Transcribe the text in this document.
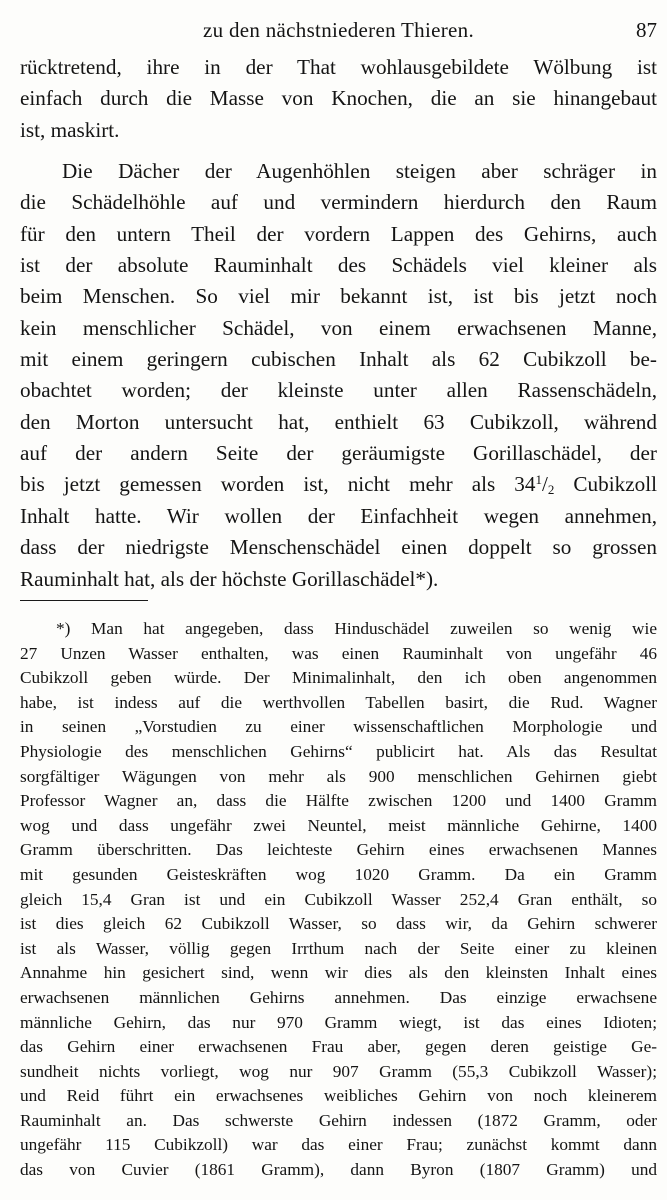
zu den nächstniederen Thieren.	87
rücktretend, ihre in der That wohlausgebildete Wölbung ist
einfach durch die Masse von Knochen, die an sie hinangebaut
ist, maskirt.
Die Dächer der Augenhöhlen steigen aber schräger in
die Schädelhöhle auf und vermindern hierdurch den Raum
für den untern Theil der vordern Lappen des Gehirns, auch
ist der absolute Rauminhalt des Schädels viel kleiner als
beim Menschen. So viel mir bekannt ist, ist bis jetzt noch
kein menschlicher Schädel, von einem erwachsenen Manne,
mit einem geringern cubischen Inhalt als 62 Cubikzoll be-
obachtet worden; der kleinste unter allen Rassenschädeln,
den Morton untersucht hat, enthielt 63 Cubikzoll, während
auf der andern Seite der geräumigste Gorillaschädel, der
bis jetzt gemessen worden ist, nicht mehr als $34^1/2$ Cubikzoll
Inhalt hatte. Wir wollen der Einfachheit wegen annehmen,
dass der niedrigste Menschenschädel einen doppelt so grossen
Rauminhalt hat, als der höchste Gorillaschädel*).
*) Man hat angegeben, dass Hinduschädel zuweilen so wenig wie
27 Unzen Wasser enthalten, was einen Rauminhalt von ungefähr 46
Cubikzoll geben würde. Der Minimalinhalt, den ich oben angenommen
habe, ist indess auf die werthvollen Tabellen basirt, die Rud. Wagner
in seinen „Vorstudien zu einer wissenschaftlichen Morphologie und
Physiologie des menschlichen Gehirns“ publicirt hat. Als das Resultat
sorgfältiger Wägungen von mehr als 900 menschlichen Gehirnen giebt
Professor Wagner an, dass die Hälfte zwischen 1200 und 1400 Gramm
wog und dass ungefähr zwei Neuntel, meist männliche Gehirne, 1400
Gramm überschritten. Das leichteste Gehirn eines erwachsenen Mannes
mit gesunden Geisteskräften wog 1020 Gramm. Da ein Gramm
gleich 15,4 Gran ist und ein Cubikzoll Wasser 252,4 Gran enthält, so
ist dies gleich 62 Cubikzoll Wasser, so dass wir, da Gehirn schwerer
ist als Wasser, völlig gegen Irrthum nach der Seite einer zu kleinen
Annahme hin gesichert sind, wenn wir dies als den kleinsten Inhalt eines
erwachsenen männlichen Gehirns annehmen. Das einzige erwachsene
männliche Gehirn, das nur 970 Gramm wiegt, ist das eines Idioten;
das Gehirn einer erwachsenen Frau aber, gegen deren geistige Ge-
sundheit nichts vorliegt, wog nur 907 Gramm (55,3 Cubikzoll Wasser);
und Reid führt ein erwachsenes weibliches Gehirn von noch kleinerem
Rauminhalt an. Das schwerste Gehirn indessen (1872 Gramm, oder
ungefähr 115 Cubikzoll) war das einer Frau; zunächst kommt dann
das von Cuvier (1861 Gramm), dann Byron (1807 Gramm) und
